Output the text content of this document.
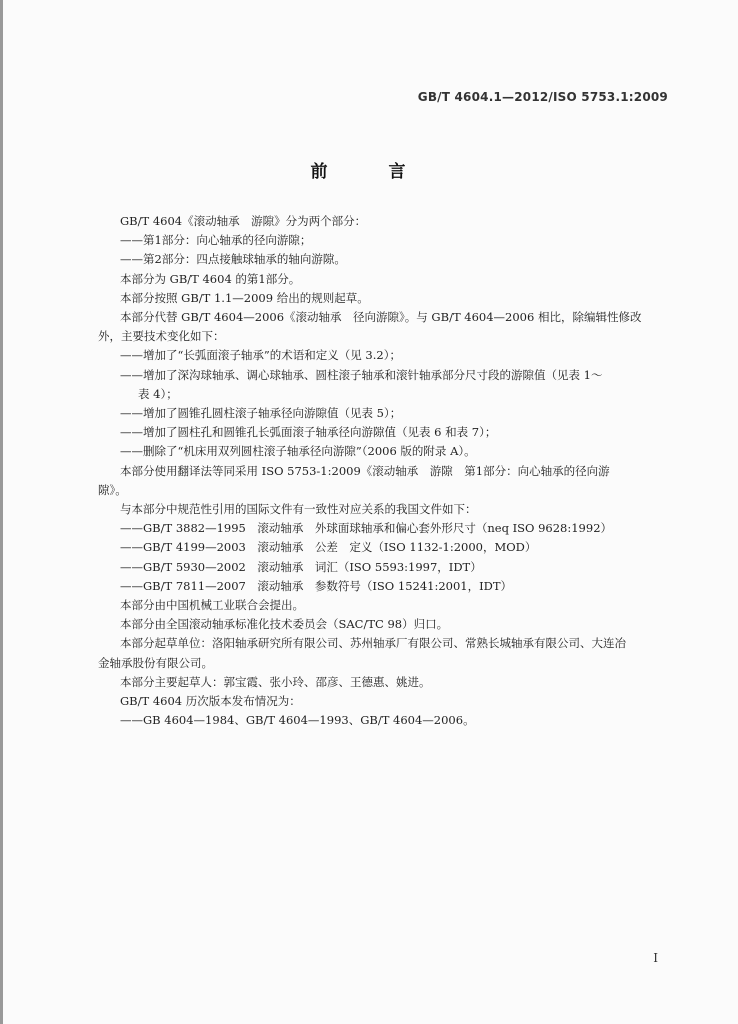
GB/T 4604.1—2012/ISO 5753.1:2009
前　言
GB/T 4604《滚动轴承　游隙》分为两个部分：
——第1部分：向心轴承的径向游隙；
——第2部分：四点接触球轴承的轴向游隙。
本部分为 GB/T 4604 的第1部分。
本部分按照 GB/T 1.1—2009 给出的规则起草。
本部分代替 GB/T 4604—2006《滚动轴承　径向游隙》。与 GB/T 4604—2006 相比，除编辑性修改
外，主要技术变化如下：
——增加了“长弧面滚子轴承”的术语和定义（见 3.2）；
——增加了深沟球轴承、调心球轴承、圆柱滚子轴承和滚针轴承部分尺寸段的游隙值（见表 1～
表 4）；
——增加了圆锥孔圆柱滚子轴承径向游隙值（见表 5）；
——增加了圆柱孔和圆锥孔长弧面滚子轴承径向游隙值（见表 6 和表 7）；
——删除了“机床用双列圆柱滚子轴承径向游隙”（2006 版的附录 A）。
本部分使用翻译法等同采用 ISO 5753-1:2009《滚动轴承　游隙　第1部分：向心轴承的径向游
隙》。
与本部分中规范性引用的国际文件有一致性对应关系的我国文件如下：
——GB/T 3882—1995　滚动轴承　外球面球轴承和偏心套外形尺寸（neq ISO 9628:1992）
——GB/T 4199—2003　滚动轴承　公差　定义（ISO 1132-1:2000，MOD）
——GB/T 5930—2002　滚动轴承　词汇（ISO 5593:1997，IDT）
——GB/T 7811—2007　滚动轴承　参数符号（ISO 15241:2001，IDT）
本部分由中国机械工业联合会提出。
本部分由全国滚动轴承标准化技术委员会（SAC/TC 98）归口。
本部分起草单位：洛阳轴承研究所有限公司、苏州轴承厂有限公司、常熟长城轴承有限公司、大连冶
金轴承股份有限公司。
本部分主要起草人：郭宝霞、张小玲、邵彦、王德惠、姚进。
GB/T 4604 历次版本发布情况为：
——GB 4604—1984、GB/T 4604—1993、GB/T 4604—2006。
I
